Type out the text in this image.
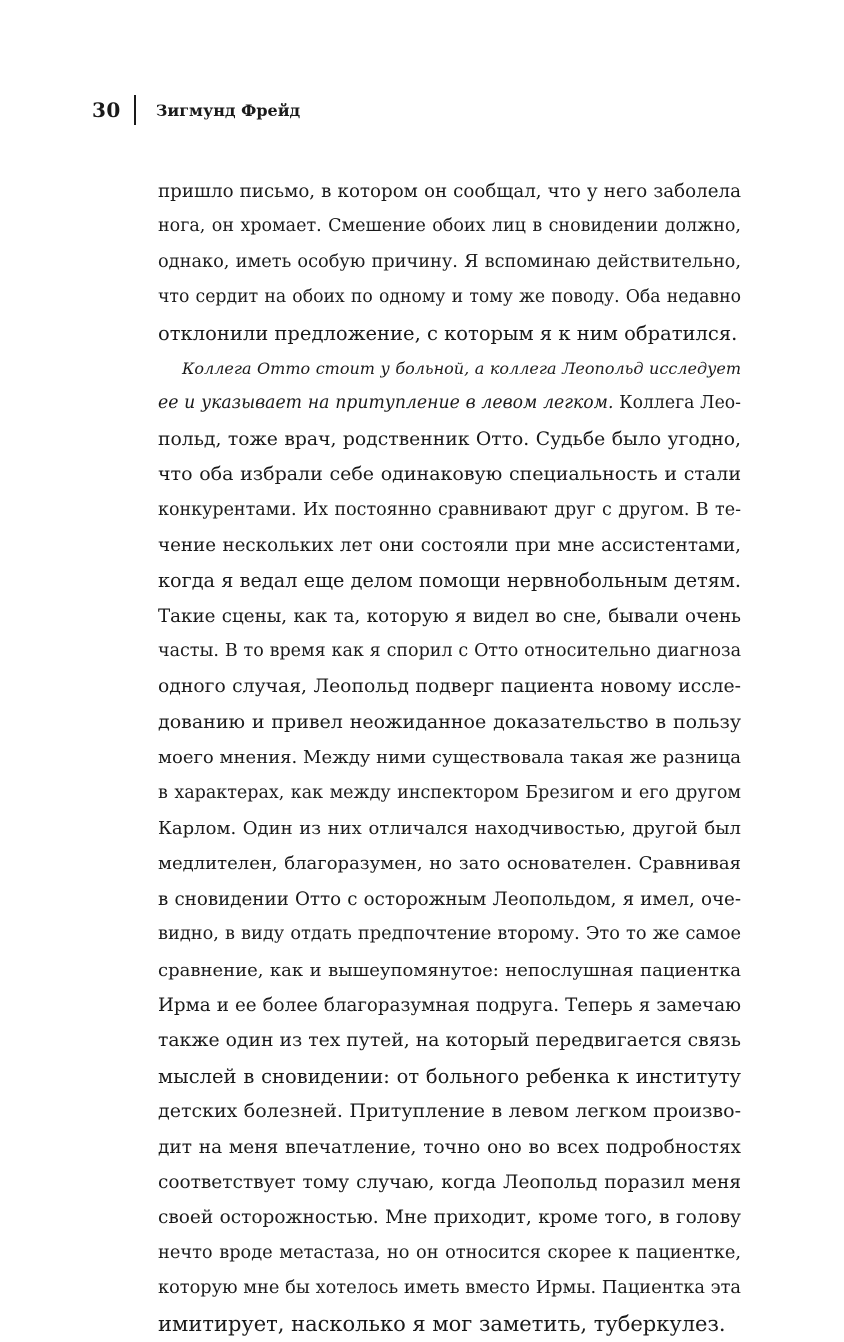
30 Зигмунд Фрейд
пришло письмо, в котором он сообщал, что у него заболела
нога, он хромает. Смешение обоих лиц в сновидении должно,
однако, иметь особую причину. Я вспоминаю действительно,
что сердит на обоих по одному и тому же поводу. Оба недавно
отклонили предложение, с которым я к ним обратился.
Коллега Отто стоит у больной, а коллега Леопольд исследует
ее и указывает на притупление в левом легком. Коллега Лео-
польд, тоже врач, родственник Отто. Судьбе было угодно,
что оба избрали себе одинаковую специальность и стали
конкурентами. Их постоянно сравнивают друг с другом. В те-
чение нескольких лет они состояли при мне ассистентами,
когда я ведал еще делом помощи нервнобольным детям.
Такие сцены, как та, которую я видел во сне, бывали очень
часты. В то время как я спорил с Отто относительно диагноза
одного случая, Леопольд подверг пациента новому иссле-
дованию и привел неожиданное доказательство в пользу
моего мнения. Между ними существовала такая же разница
в характерах, как между инспектором Брезигом и его другом
Карлом. Один из них отличался находчивостью, другой был
медлителен, благоразумен, но зато основателен. Сравнивая
в сновидении Отто с осторожным Леопольдом, я имел, оче-
видно, в виду отдать предпочтение второму. Это то же самое
сравнение, как и вышеупомянутое: непослушная пациентка
Ирма и ее более благоразумная подруга. Теперь я замечаю
также один из тех путей, на который передвигается связь
мыслей в сновидении: от больного ребенка к институту
детских болезней. Притупление в левом легком произво-
дит на меня впечатление, точно оно во всех подробностях
соответствует тому случаю, когда Леопольд поразил меня
своей осторожностью. Мне приходит, кроме того, в голову
нечто вроде метастаза, но он относится скорее к пациентке,
которую мне бы хотелось иметь вместо Ирмы. Пациентка эта
имитирует, насколько я мог заметить, туберкулез.
